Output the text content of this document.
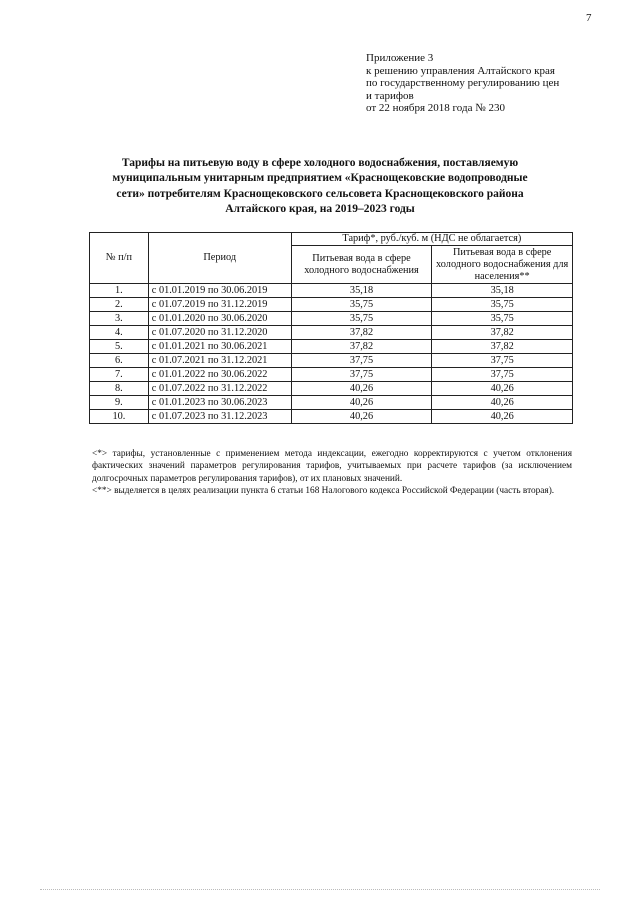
7
Приложение 3
к решению управления Алтайского края
по государственному регулированию цен
и тарифов
от 22 ноября 2018 года № 230
Тарифы на питьевую воду в сфере холодного водоснабжения, поставляемую
муниципальным унитарным предприятием «Краснощековские водопроводные
сети» потребителям Краснощековского сельсовета Краснощековского района
Алтайского края, на 2019–2023 годы
№ п/п	Период	Тариф*, руб./куб. м (НДС не облагается)	
		Питьевая вода в сфере холодного водоснабжения	Питьевая вода в сфере холодного водоснабжения для населения**
1.	с 01.01.2019 по 30.06.2019	35,18	35,18
2.	с 01.07.2019 по 31.12.2019	35,75	35,75
3.	с 01.01.2020 по 30.06.2020	35,75	35,75
4.	с 01.07.2020 по 31.12.2020	37,82	37,82
5.	с 01.01.2021 по 30.06.2021	37,82	37,82
6.	с 01.07.2021 по 31.12.2021	37,75	37,75
7.	с 01.01.2022 по 30.06.2022	37,75	37,75
8.	с 01.07.2022 по 31.12.2022	40,26	40,26
9.	с 01.01.2023 по 30.06.2023	40,26	40,26
10.	с 01.07.2023 по 31.12.2023	40,26	40,26

<*> тарифы, установленные с применением метода индексации, ежегодно корректируются с учетом отклонения фактических значений параметров регулирования тарифов, учитываемых при расчете тарифов (за исключением долгосрочных параметров регулирования тарифов), от их плановых значений.

<**> выделяется в целях реализации пункта 6 статьи 168 Налогового кодекса Российской Федерации (часть вторая).
